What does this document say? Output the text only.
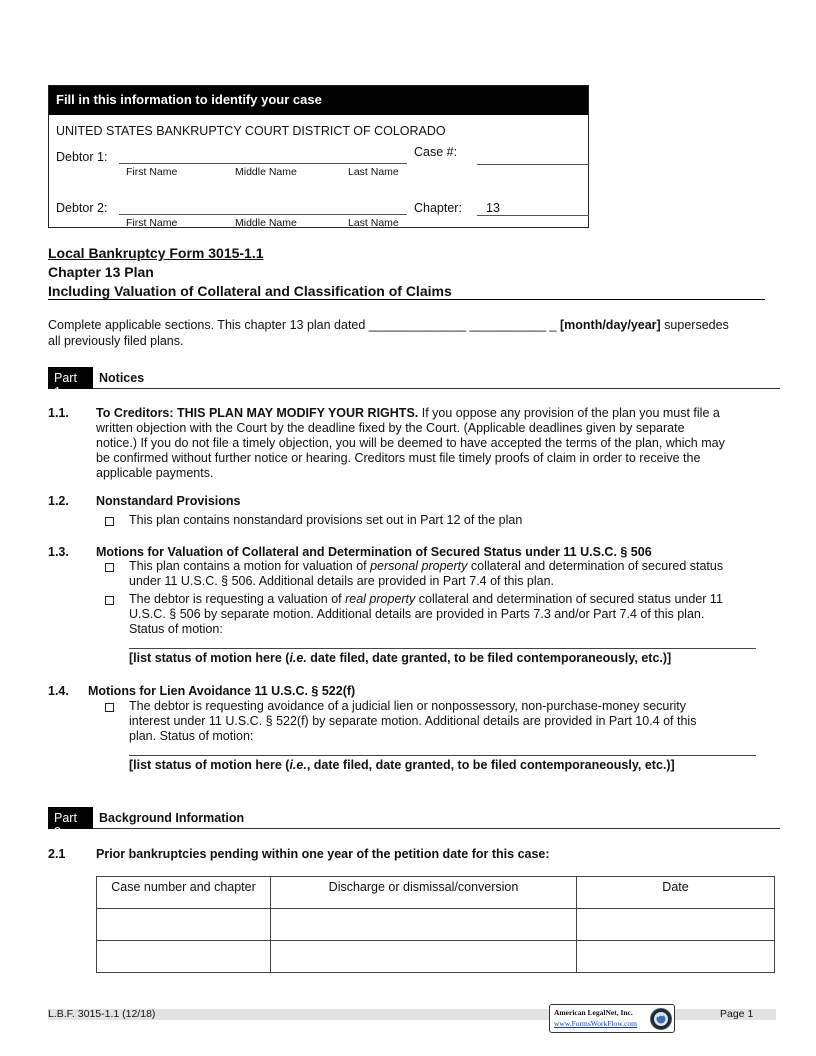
Fill in this information to identify your case
UNITED STATES BANKRUPTCY COURT DISTRICT OF COLORADO
Debtor 1:
First Name	Middle Name	Last Name
Case #:
Debtor 2:
First Name	Middle Name	Last Name
Chapter: 13
Local Bankruptcy Form 3015-1.1
Chapter 13 Plan
Including Valuation of Collateral and Classification of Claims
Complete applicable sections. This chapter 13 plan dated ______________ ___________ _ [month/day/year] supersedes
all previously filed plans.
Part 1
Notices
1.1. To Creditors: THIS PLAN MAY MODIFY YOUR RIGHTS. If you oppose any provision of the plan you must file a
written objection with the Court by the deadline fixed by the Court. (Applicable deadlines given by separate
notice.) If you do not file a timely objection, you will be deemed to have accepted the terms of the plan, which may
be confirmed without further notice or hearing. Creditors must file timely proofs of claim in order to receive the
applicable payments.
1.2. Nonstandard Provisions
This plan contains nonstandard provisions set out in Part 12 of the plan
1.3. Motions for Valuation of Collateral and Determination of Secured Status under 11 U.S.C. § 506
This plan contains a motion for valuation of personal property collateral and determination of secured status
under 11 U.S.C. § 506. Additional details are provided in Part 7.4 of this plan.
The debtor is requesting a valuation of real property collateral and determination of secured status under 11
U.S.C. § 506 by separate motion. Additional details are provided in Parts 7.3 and/or Part 7.4 of this plan.
Status of motion:
[list status of motion here (i.e. date filed, date granted, to be filed contemporaneously, etc.)]
1.4. Motions for Lien Avoidance 11 U.S.C. § 522(f)
The debtor is requesting avoidance of a judicial lien or nonpossessory, non-purchase-money security
interest under 11 U.S.C. § 522(f) by separate motion. Additional details are provided in Part 10.4 of this
plan. Status of motion:
[list status of motion here (i.e., date filed, date granted, to be filed contemporaneously, etc.)]
Part 2
Background Information
2.1 Prior bankruptcies pending within one year of the petition date for this case:
Case number and chapter	Discharge or dismissal/conversion	Date

L.B.F. 3015-1.1 (12/18)	Page 1
American LegalNet, Inc.
www.FormsWorkFlow.com
